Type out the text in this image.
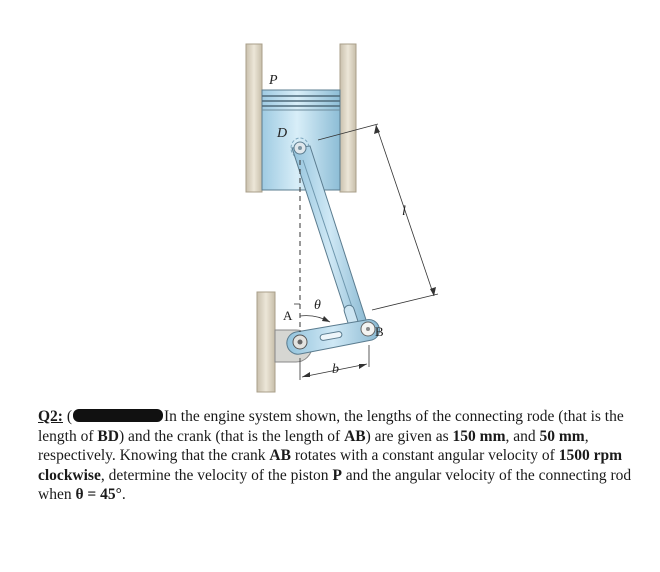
P
D
l
A
θ
B
b
Q2: (	In the engine system shown, the lengths of the connecting rode (that is the length of BD) and the crank (that is the length of AB) are given as 150 mm, and 50 mm, respectively. Knowing that the crank AB rotates with a constant angular velocity of 1500 rpm clockwise, determine the velocity of the piston P and the angular velocity of the connecting rod when θ = 45°.
